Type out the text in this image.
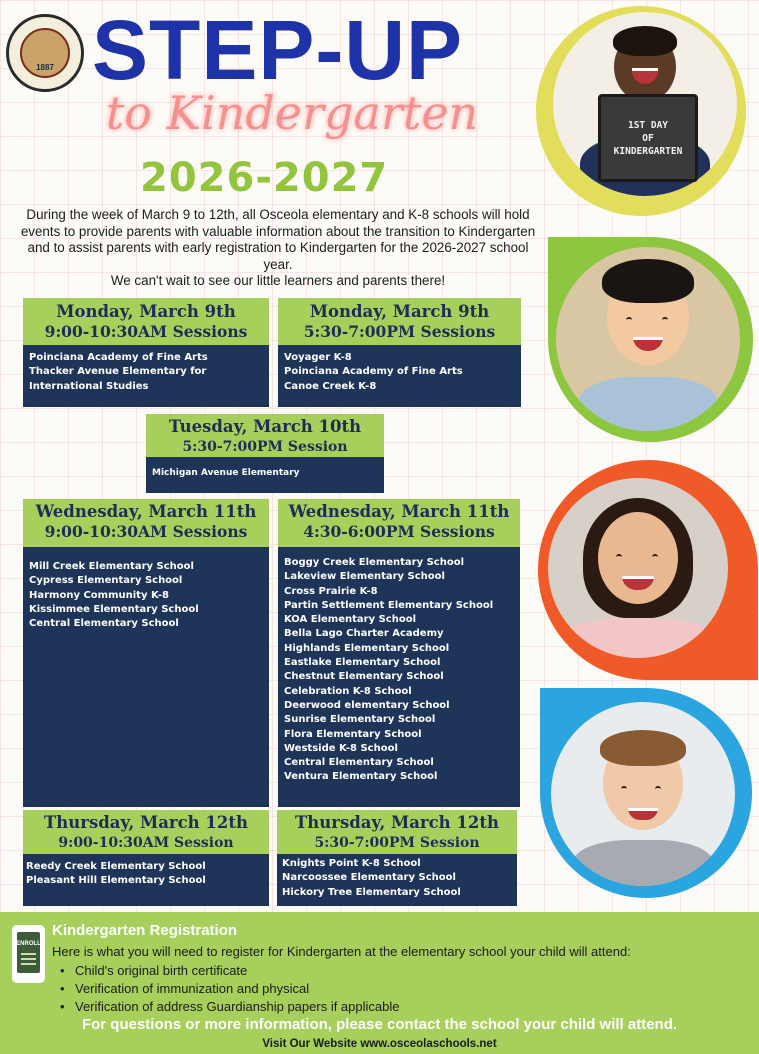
1887 STEP-UP
to Kindergarten
2026-2027
During the week of March 9 to 12th, all Osceola elementary and K-8 schools will hold events to provide parents with valuable information about the transition to Kindergarten and to assist parents with early registration to Kindergarten for the 2026-2027 school year.
We can't wait to see our little learners and parents there!
Monday, March 9th
9:00-10:30AM Sessions
Poinciana Academy of Fine Arts
Thacker Avenue Elementary for International Studies
Monday, March 9th
5:30-7:00PM Sessions
Voyager K-8
Poinciana Academy of Fine Arts
Canoe Creek K-8
Tuesday, March 10th
5:30-7:00PM Session
Michigan Avenue Elementary
Wednesday, March 11th
9:00-10:30AM Sessions
Mill Creek Elementary School
Cypress Elementary School
Harmony Community K-8
Kissimmee Elementary School
Central Elementary School
Wednesday, March 11th
4:30-6:00PM Sessions
Boggy Creek Elementary School
Lakeview Elementary School
Cross Prairie K-8
Partin Settlement Elementary School
KOA Elementary School
Bella Lago Charter Academy
Highlands Elementary School
Eastlake Elementary School
Chestnut Elementary School
Celebration K-8 School
Deerwood elementary School
Sunrise Elementary School
Flora Elementary School
Westside K-8 School
Central Elementary School
Ventura Elementary School
Thursday, March 12th
9:00-10:30AM Session
Reedy Creek Elementary School
Pleasant Hill Elementary School
Thursday, March 12th
5:30-7:00PM Session
Knights Point K-8 School
Narcoossee Elementary School
Hickory Tree Elementary School
1ST DAY
OF
KINDERGARTEN
ENROLL
Kindergarten Registration
Here is what you will need to register for Kindergarten at the elementary school your child will attend:
• Child's original birth certificate
• Verification of immunization and physical
• Verification of address Guardianship papers if applicable
For questions or more information, please contact the school your child will attend.
Visit Our Website www.osceolaschools.net
